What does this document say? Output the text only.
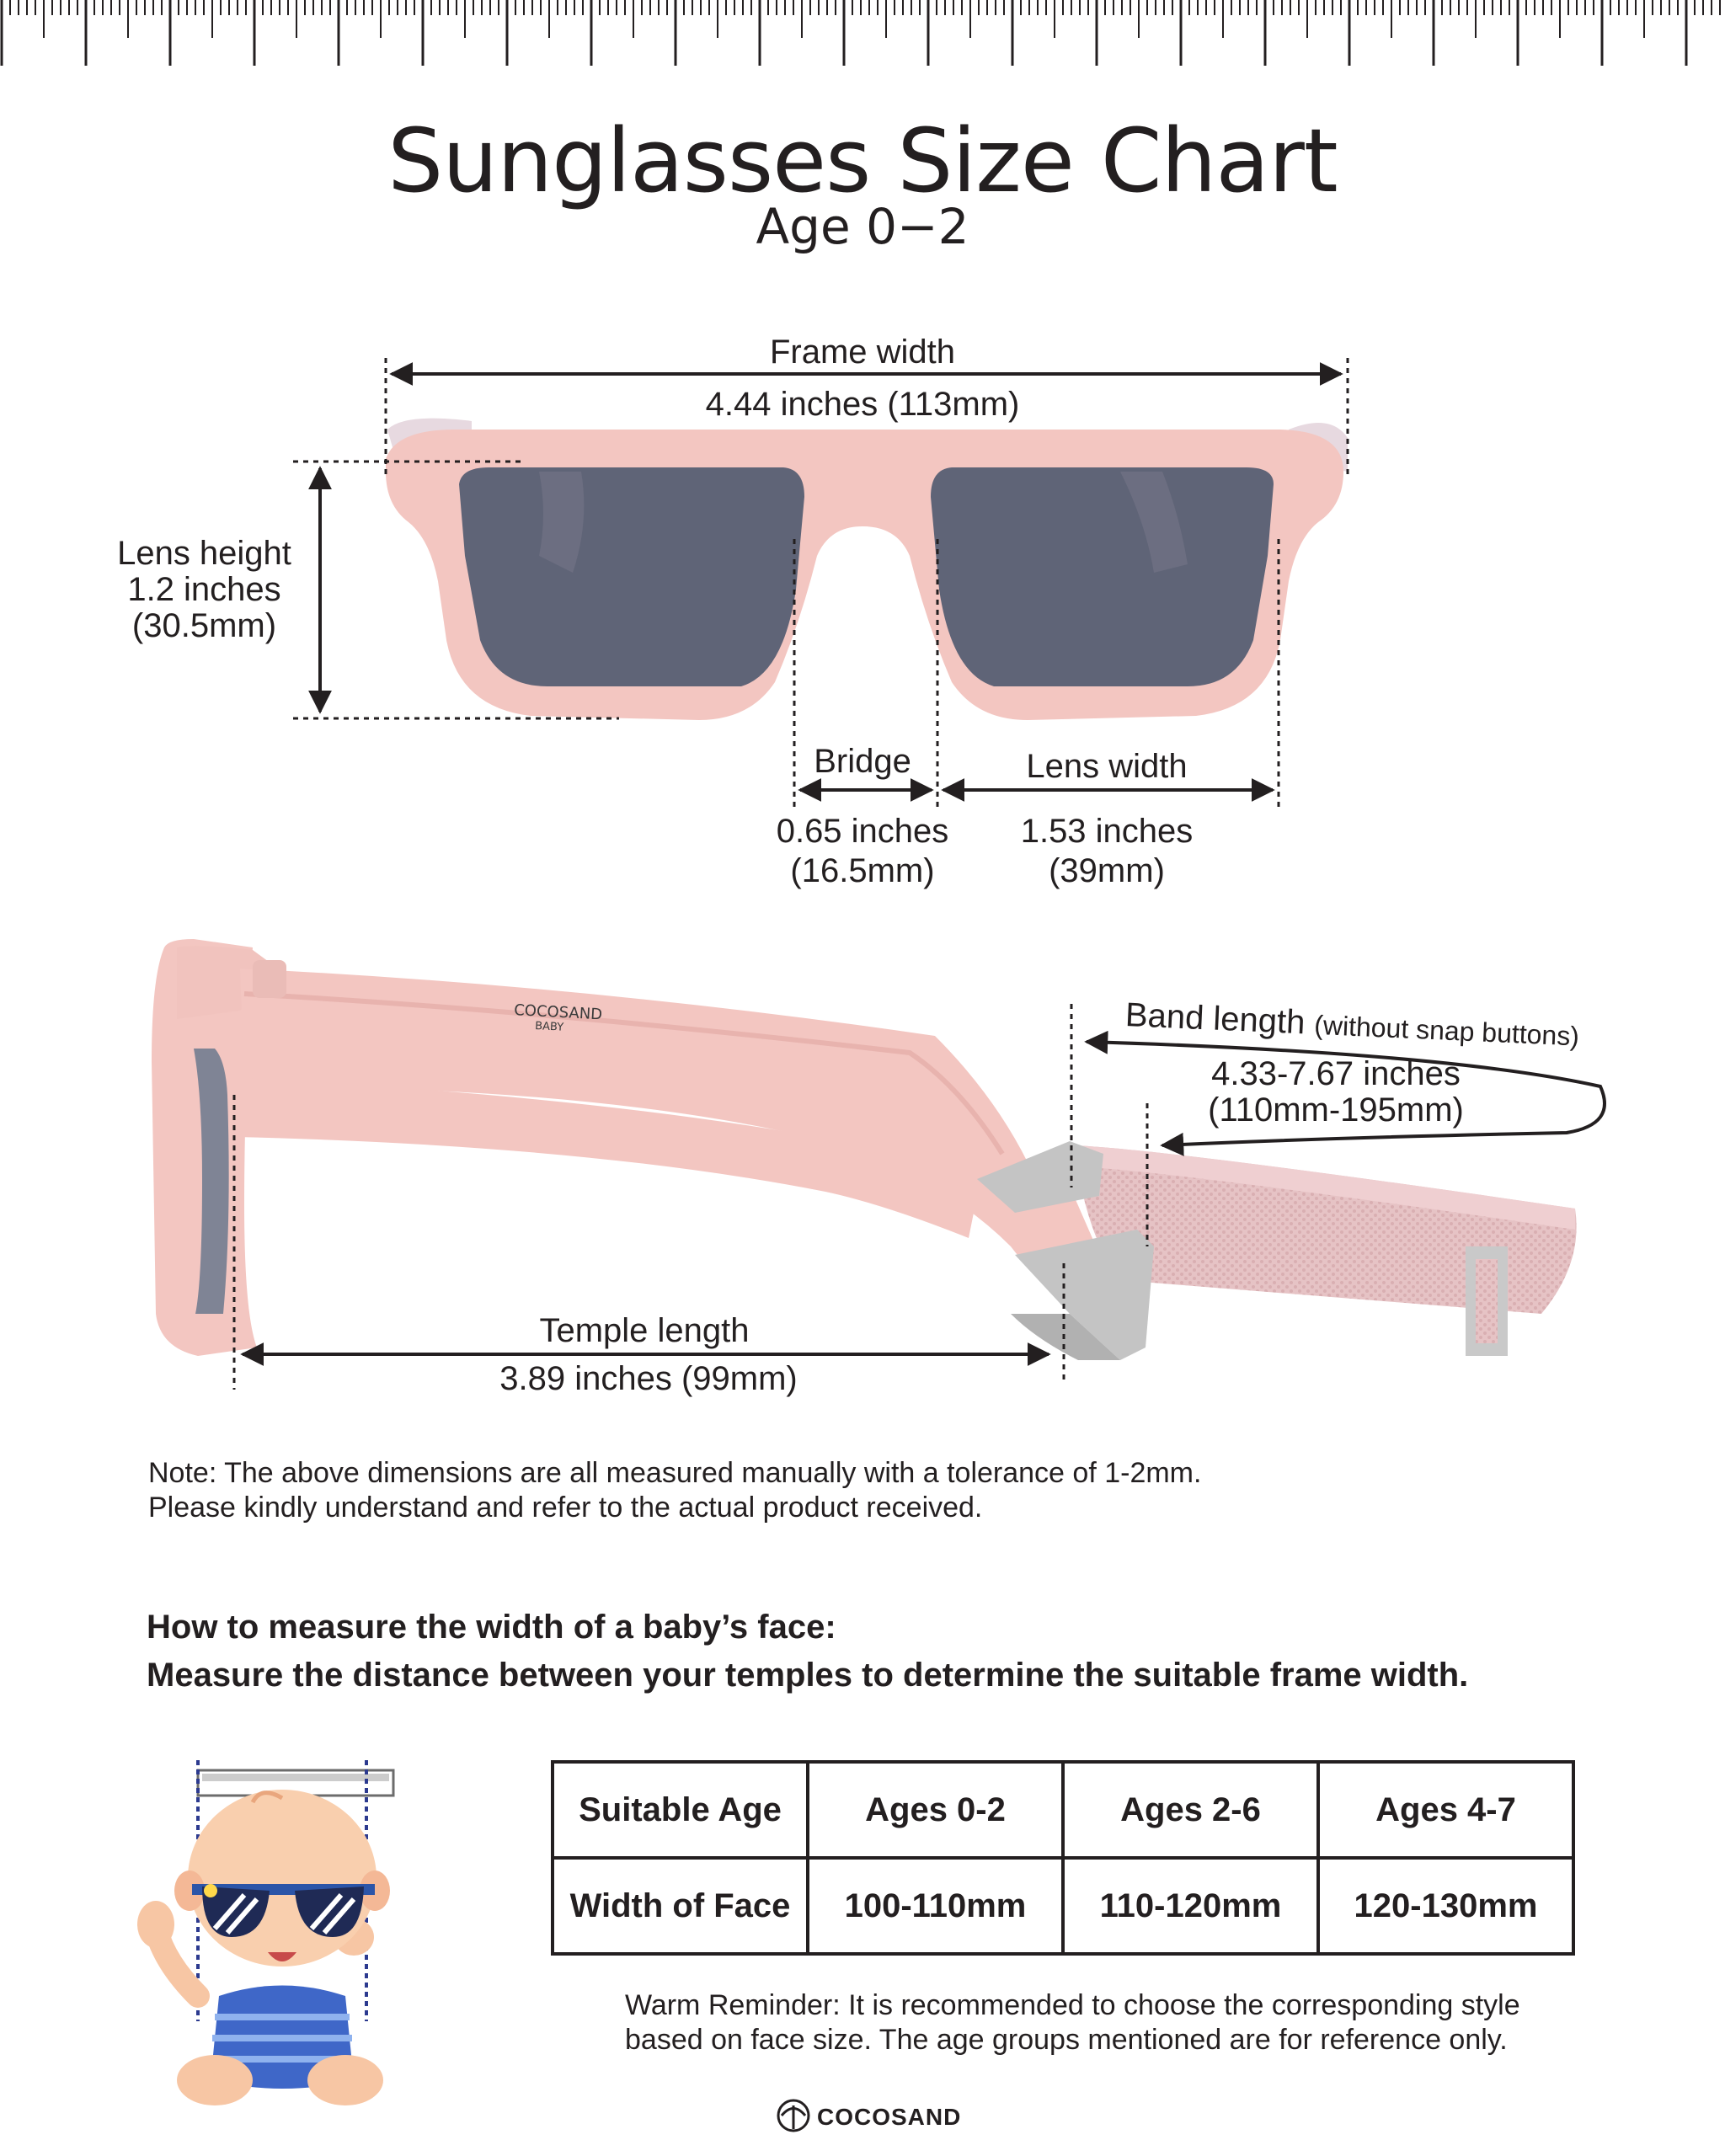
Sunglasses Size Chart
Age 0−2
COCOSAND
BABY
Frame width
4.44 inches (113mm)
Lens height
1.2 inches
(30.5mm)
Bridge
0.65 inches
(16.5mm)
Lens width
1.53 inches
(39mm)
Band length (without snap buttons)
4.33-7.67 inches
(110mm-195mm)
Temple length
3.89 inches (99mm)
Note: The above dimensions are all measured manually with a tolerance of 1-2mm.
Please kindly understand and refer to the actual product received.
How to measure the width of a baby’s face:
Measure the distance between your temples to determine the suitable frame width.
Suitable Age	Ages 0-2	Ages 2-6	Ages 4-7
Width of Face	100-110mm	110-120mm	120-130mm
Warm Reminder: It is recommended to choose the corresponding style
based on face size. The age groups mentioned are for reference only.
COCOSAND
